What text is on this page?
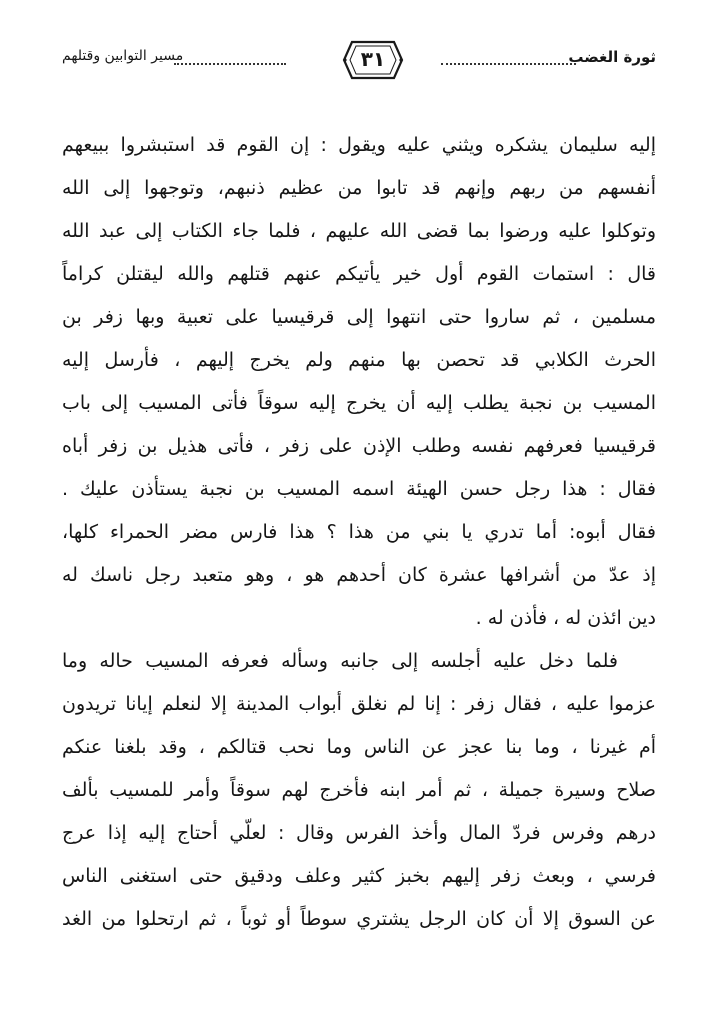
ثورة الغضب
٣١
مسير التوابين وقتلهم
إليه سليمان يشكره ويثني عليه ويقول : إن القوم قد استبشروا ببيعهم
أنفسهم من ربهم وإنهم قد تابوا من عظيم ذنبهم، وتوجهوا إلى الله
وتوكلوا عليه ورضوا بما قضى الله عليهم ، فلما جاء الكتاب إلى عبد الله
قال : استمات القوم أول خير يأتيكم عنهم قتلهم والله ليقتلن كراماً
مسلمين ، ثم ساروا حتى انتهوا إلى قرقيسيا على تعبية وبها زفر بن
الحرث الكلابي قد تحصن بها منهم ولم يخرج إليهم ، فأرسل إليه
المسيب بن نجبة يطلب إليه أن يخرج إليه سوقاً فأتى المسيب إلى باب
قرقيسيا فعرفهم نفسه وطلب الإذن على زفر ، فأتى هذيل بن زفر أباه
فقال : هذا رجل حسن الهيئة اسمه المسيب بن نجبة يستأذن عليك .
فقال أبوه: أما تدري يا بني من هذا ؟ هذا فارس مضر الحمراء كلها،
إذ عدّ من أشرافها عشرة كان أحدهم هو ، وهو متعبد رجل ناسك له
دين ائذن له ، فأذن له .
فلما دخل عليه أجلسه إلى جانبه وسأله فعرفه المسيب حاله وما
عزموا عليه ، فقال زفر : إنا لم نغلق أبواب المدينة إلا لنعلم إيانا تريدون
أم غيرنا ، وما بنا عجز عن الناس وما نحب قتالكم ، وقد بلغنا عنكم
صلاح وسيرة جميلة ، ثم أمر ابنه فأخرج لهم سوقاً وأمر للمسيب بألف
درهم وفرس فردّ المال وأخذ الفرس وقال : لعلّي أحتاج إليه إذا عرج
فرسي ، وبعث زفر إليهم بخبز كثير وعلف ودقيق حتى استغنى الناس
عن السوق إلا أن كان الرجل يشتري سوطاً أو ثوباً ، ثم ارتحلوا من الغد
